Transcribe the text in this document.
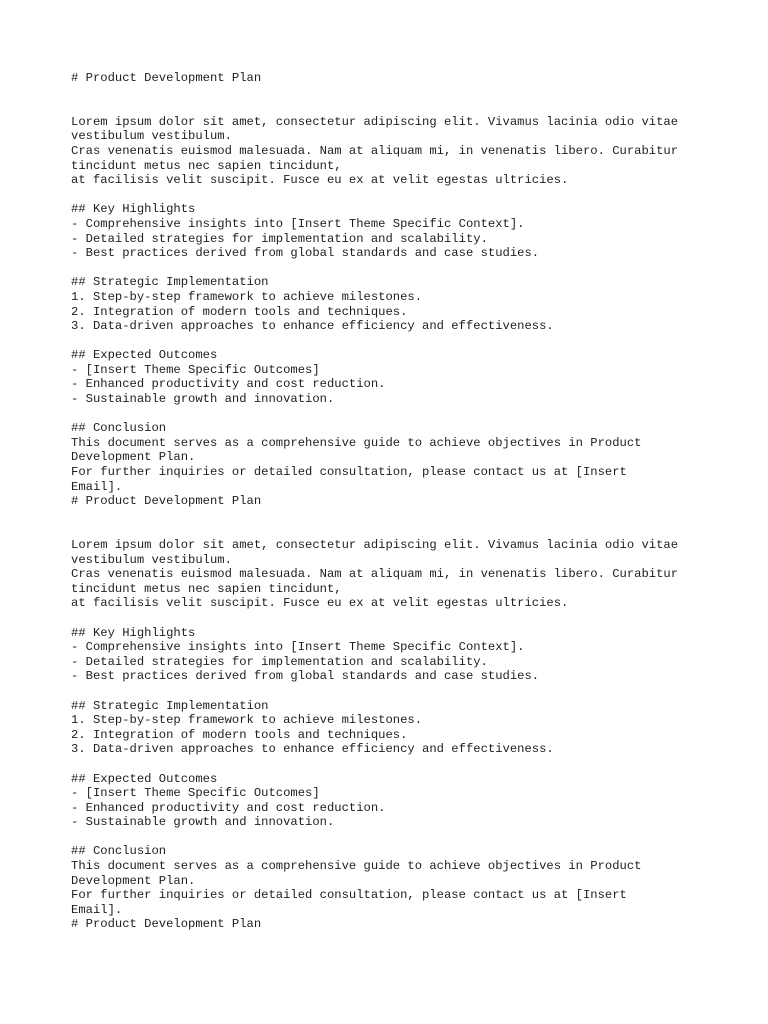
# Product Development Plan
Lorem ipsum dolor sit amet, consectetur adipiscing elit. Vivamus lacinia odio vitae
vestibulum vestibulum.
Cras venenatis euismod malesuada. Nam at aliquam mi, in venenatis libero. Curabitur
tincidunt metus nec sapien tincidunt,
at facilisis velit suscipit. Fusce eu ex at velit egestas ultricies.
## Key Highlights
- Comprehensive insights into [Insert Theme Specific Context].
- Detailed strategies for implementation and scalability.
- Best practices derived from global standards and case studies.
## Strategic Implementation
1. Step-by-step framework to achieve milestones.
2. Integration of modern tools and techniques.
3. Data-driven approaches to enhance efficiency and effectiveness.
## Expected Outcomes
- [Insert Theme Specific Outcomes]
- Enhanced productivity and cost reduction.
- Sustainable growth and innovation.
## Conclusion
This document serves as a comprehensive guide to achieve objectives in Product
Development Plan.
For further inquiries or detailed consultation, please contact us at [Insert
Email].
# Product Development Plan
Lorem ipsum dolor sit amet, consectetur adipiscing elit. Vivamus lacinia odio vitae
vestibulum vestibulum.
Cras venenatis euismod malesuada. Nam at aliquam mi, in venenatis libero. Curabitur
tincidunt metus nec sapien tincidunt,
at facilisis velit suscipit. Fusce eu ex at velit egestas ultricies.
## Key Highlights
- Comprehensive insights into [Insert Theme Specific Context].
- Detailed strategies for implementation and scalability.
- Best practices derived from global standards and case studies.
## Strategic Implementation
1. Step-by-step framework to achieve milestones.
2. Integration of modern tools and techniques.
3. Data-driven approaches to enhance efficiency and effectiveness.
## Expected Outcomes
- [Insert Theme Specific Outcomes]
- Enhanced productivity and cost reduction.
- Sustainable growth and innovation.
## Conclusion
This document serves as a comprehensive guide to achieve objectives in Product
Development Plan.
For further inquiries or detailed consultation, please contact us at [Insert
Email].
# Product Development Plan
